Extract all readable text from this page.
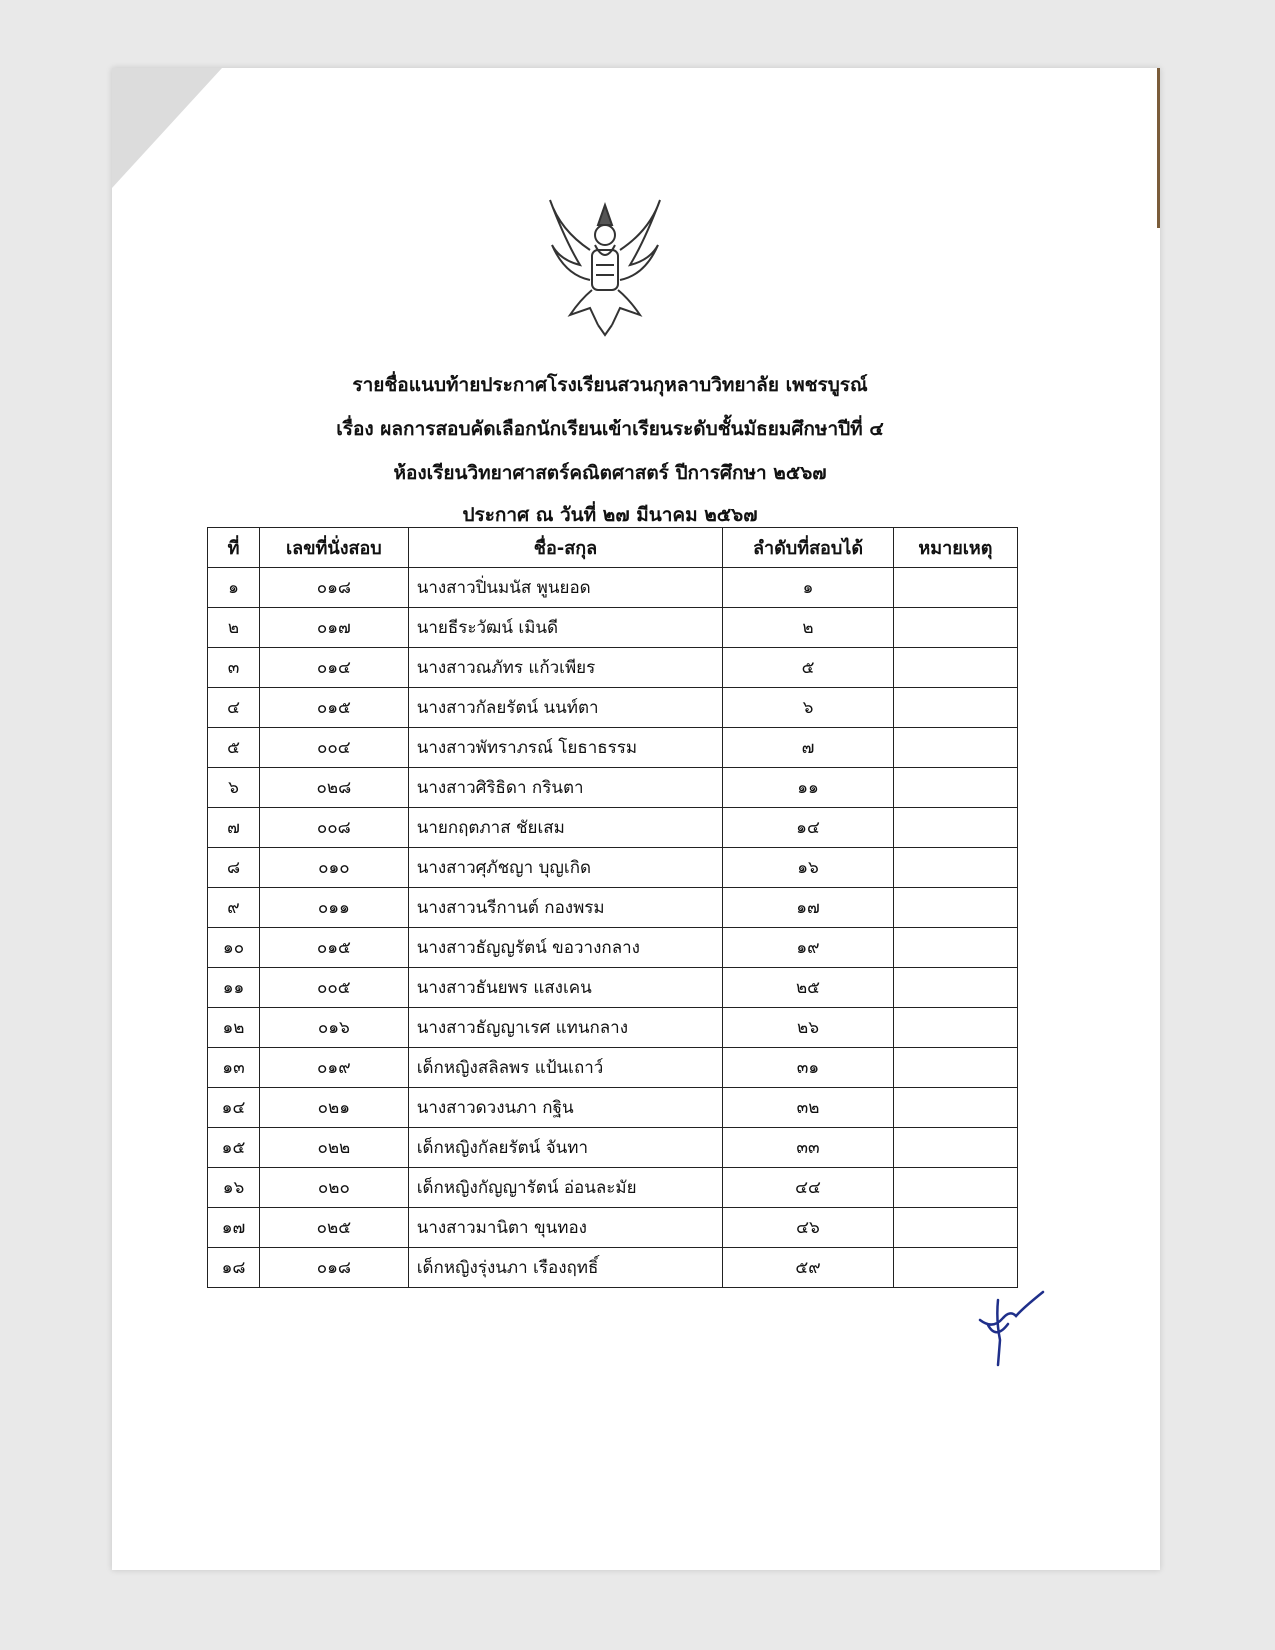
รายชื่อแนบท้ายประกาศโรงเรียนสวนกุหลาบวิทยาลัย เพชรบูรณ์
เรื่อง ผลการสอบคัดเลือกนักเรียนเข้าเรียนระดับชั้นมัธยมศึกษาปีที่ ๔
ห้องเรียนวิทยาศาสตร์คณิตศาสตร์ ปีการศึกษา ๒๕๖๗
ประกาศ ณ วันที่ ๒๗ มีนาคม ๒๕๖๗
ที่	เลขที่นั่งสอบ	ชื่อ-สกุล	ลำดับที่สอบได้	หมายเหตุ
๑	๐๑๘	นางสาวปิ่นมนัส พูนยอด	๑	
๒	๐๑๗	นายธีระวัฒน์ เมินดี	๒	
๓	๐๑๔	นางสาวณภัทร แก้วเพียร	๕	
๔	๐๑๕	นางสาวกัลยรัตน์ นนท์ตา	๖	
๕	๐๐๔	นางสาวพัทราภรณ์ โยธาธรรม	๗	
๖	๐๒๘	นางสาวศิริธิดา กรินตา	๑๑	
๗	๐๐๘	นายกฤตภาส ชัยเสม	๑๔	
๘	๐๑๐	นางสาวศุภัชญา บุญเกิด	๑๖	
๙	๐๑๑	นางสาวนรีกานต์ กองพรม	๑๗	
๑๐	๐๑๕	นางสาวธัญญรัตน์ ขอวางกลาง	๑๙	
๑๑	๐๐๕	นางสาวธันยพร แสงเคน	๒๕	
๑๒	๐๑๖	นางสาวธัญญาเรศ แทนกลาง	๒๖	
๑๓	๐๑๙	เด็กหญิงสลิลพร แป้นเถาว์	๓๑	
๑๔	๐๒๑	นางสาวดวงนภา กฐิน	๓๒	
๑๕	๐๒๒	เด็กหญิงกัลยรัตน์ จันทา	๓๓	
๑๖	๐๒๐	เด็กหญิงกัญญารัตน์ อ่อนละมัย	๔๔	
๑๗	๐๒๕	นางสาวมานิตา ขุนทอง	๔๖	
๑๘	๐๑๘	เด็กหญิงรุ่งนภา เรืองฤทธิ์	๕๙	
